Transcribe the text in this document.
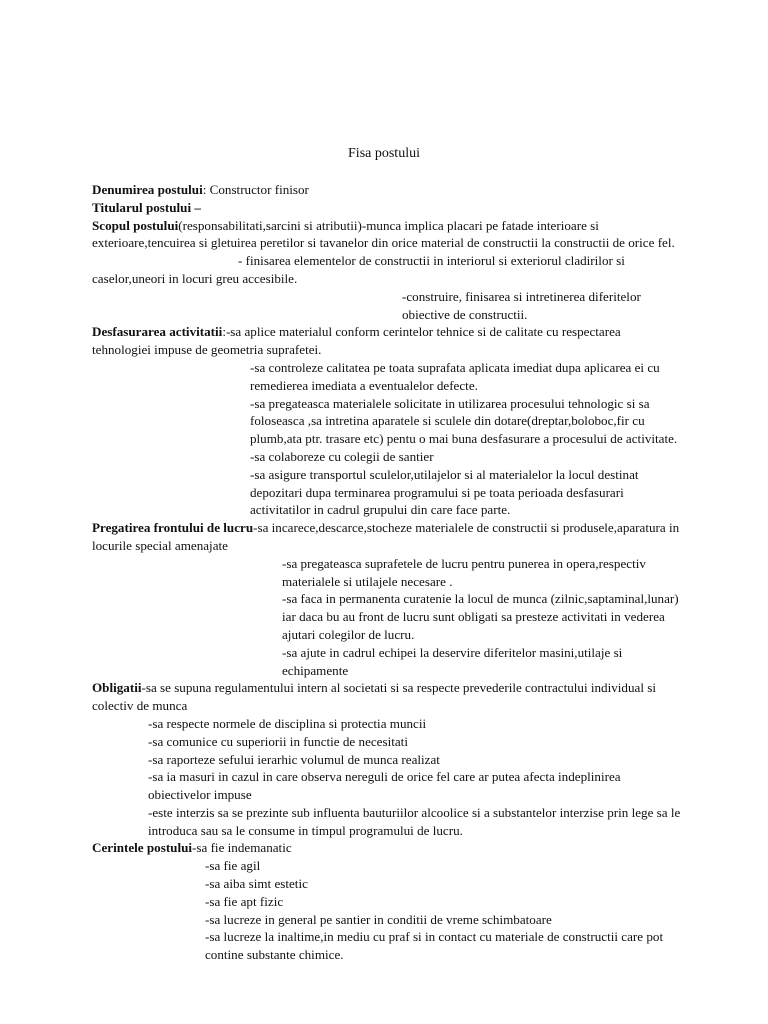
Fisa postului

Denumirea postului: Constructor finisor

Titularul postului –

Scopul postului(responsabilitati,sarcini si atributii)-munca implica placari pe fatade interioare si exterioare,tencuirea si gletuirea peretilor si tavanelor din orice material de constructii la constructii de orice fel.- finisarea elementelor de constructii in interiorul si exteriorul cladirilor si caselor,uneori in locuri greu accesibile.

-construire, finisarea si intretinerea diferitelor obiective de constructii.

Desfasurarea activitatii:-sa aplice materialul conform cerintelor tehnice si de calitate cu respectarea tehnologiei impuse de geometria suprafetei.

-sa controleze calitatea pe toata suprafata aplicata imediat dupa aplicarea ei cu remedierea imediata a eventualelor defecte.

-sa pregateasca materialele solicitate in utilizarea procesului tehnologic si sa foloseasca ,sa intretina aparatele si sculele din dotare(dreptar,boloboc,fir cu plumb,ata ptr. trasare etc) pentu o mai buna desfasurare a procesului de activitate.

-sa colaboreze cu colegii de santier

-sa asigure transportul sculelor,utilajelor si al materialelor la locul destinat depozitari dupa terminarea programului si pe toata perioada desfasurari activitatilor in cadrul grupului din care face parte.

Pregatirea frontului de lucru-sa incarece,descarce,stocheze materialele de constructii si produsele,aparatura in locurile special amenajate

-sa pregateasca suprafetele de lucru pentru punerea in opera,respectiv materialele si utilajele necesare .

-sa faca in permanenta curatenie la locul de munca (zilnic,saptaminal,lunar) iar daca bu au front de lucru sunt obligati sa presteze activitati in vederea ajutari colegilor de lucru.

-sa ajute in cadrul echipei la deservire diferitelor masini,utilaje si echipamente

Obligatii-sa se supuna regulamentului intern al societati si sa respecte prevederile contractului individual si colectiv de munca

-sa respecte normele de disciplina si protectia muncii

-sa comunice cu superiorii in functie de necesitati

-sa raporteze sefului ierarhic volumul de munca realizat

-sa ia masuri in cazul in care observa nereguli de orice fel care ar putea afecta indeplinirea obiectivelor impuse

-este interzis sa se prezinte sub influenta bauturiilor alcoolice si a substantelor interzise prin lege sa le introduca sau sa le consume in timpul programului de lucru.

Cerintele postului-sa fie indemanatic

-sa fie agil

-sa aiba simt estetic

-sa fie apt fizic

-sa lucreze in general pe santier in conditii de vreme schimbatoare

-sa lucreze la inaltime,in mediu cu praf si in contact cu materiale de constructii care pot contine substante chimice.
